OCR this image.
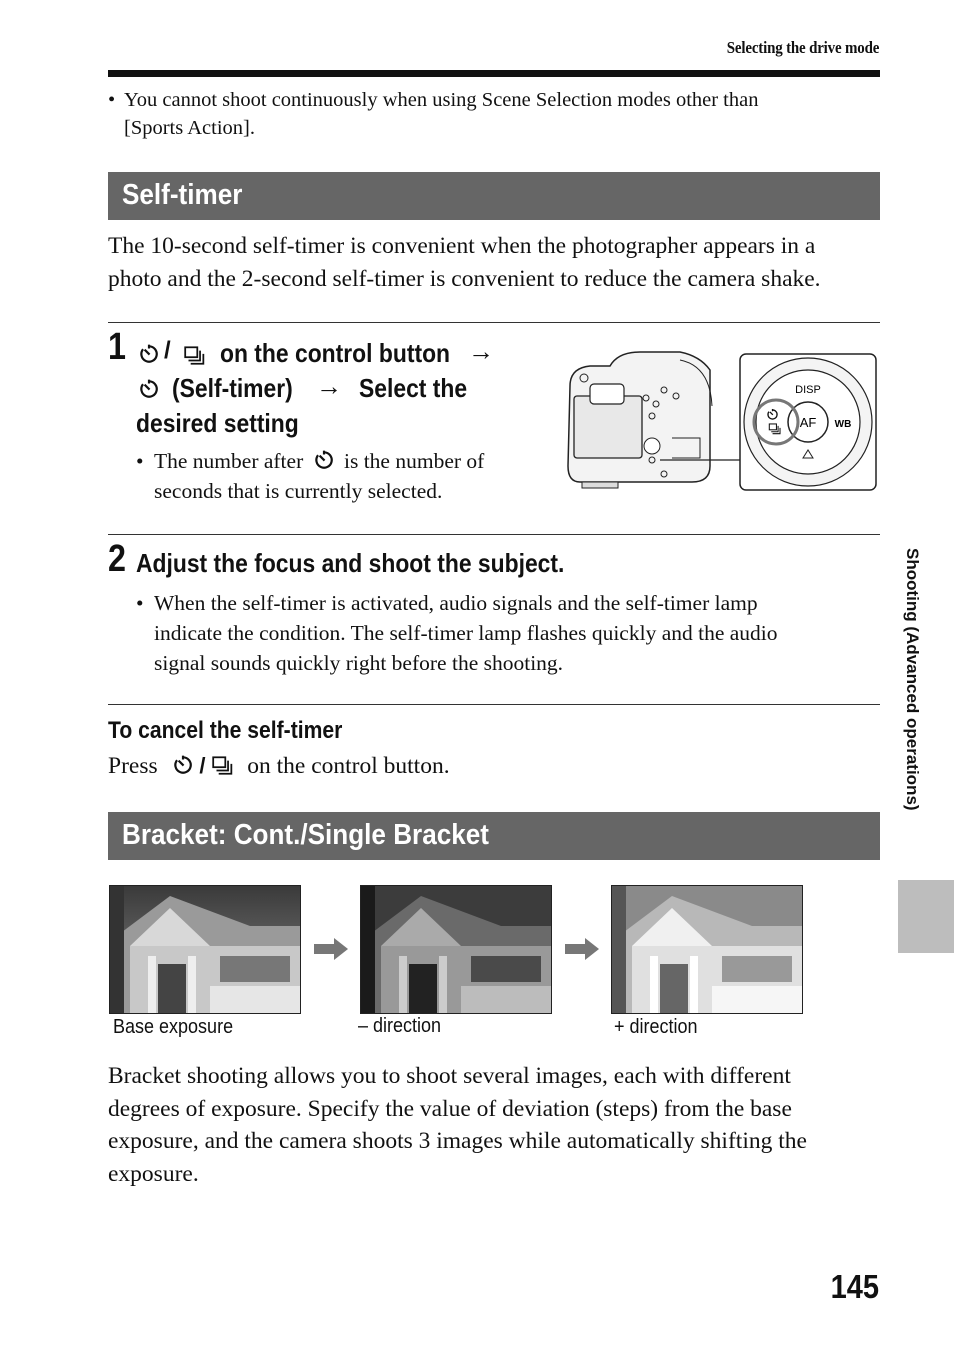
Selecting the drive mode
• You cannot shoot continuously when using Scene Selection modes other than
[Sports Action].
Self-timer
The 10-second self-timer is convenient when the photographer appears in a
photo and the 2-second self-timer is convenient to reduce the camera shake.
1 / on the control button →
(Self-timer) → Select the
desired setting
• The number after is the number of
seconds that is currently selected.
AF
DISP
WB
2 Adjust the focus and shoot the subject.
• When the self-timer is activated, audio signals and the self-timer lamp
indicate the condition. The self-timer lamp flashes quickly and the audio
signal sounds quickly right before the shooting.
To cancel the self-timer
Press / on the control button.
Bracket: Cont./Single Bracket
Base exposure	– direction	+ direction
Bracket shooting allows you to shoot several images, each with different
degrees of exposure. Specify the value of deviation (steps) from the base
exposure, and the camera shoots 3 images while automatically shifting the
exposure.
Shooting (Advanced operations)
145
